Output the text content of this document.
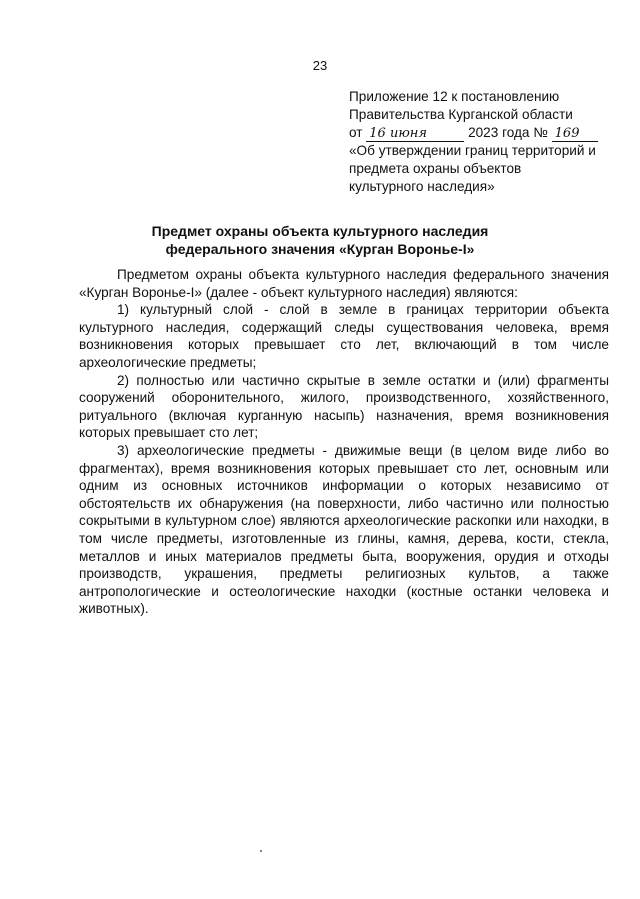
23
Приложение 12 к постановлению
Правительства Курганской области
от 16 июня	2023 года № 169
«Об утверждении границ территорий и
предмета охраны объектов
культурного наследия»
Предмет охраны объекта культурного наследия
федерального значения «Курган Воронье-I»

Предметом охраны объекта культурного наследия федерального значения «Курган Воронье-I» (далее - объект культурного наследия) являются:

1) культурный слой - слой в земле в границах территории объекта культурного наследия, содержащий следы существования человека, время возникновения которых превышает сто лет, включающий в том числе археологические предметы;

2) полностью или частично скрытые в земле остатки и (или) фрагменты сооружений оборонительного, жилого, производственного, хозяйственного, ритуального (включая курганную насыпь) назначения, время возникновения которых превышает сто лет;

3) археологические предметы - движимые вещи (в целом виде либо во фрагментах), время возникновения которых превышает сто лет, основным или одним из основных источников информации о которых независимо от обстоятельств их обнаружения (на поверхности, либо частично или полностью сокрытыми в культурном слое) являются археологические раскопки или находки, в том числе предметы, изготовленные из глины, камня, дерева, кости, стекла, металлов и иных материалов предметы быта, вооружения, орудия и отходы производств, украшения, предметы религиозных культов, а также антропологические и остеологические находки (костные останки человека и животных).
